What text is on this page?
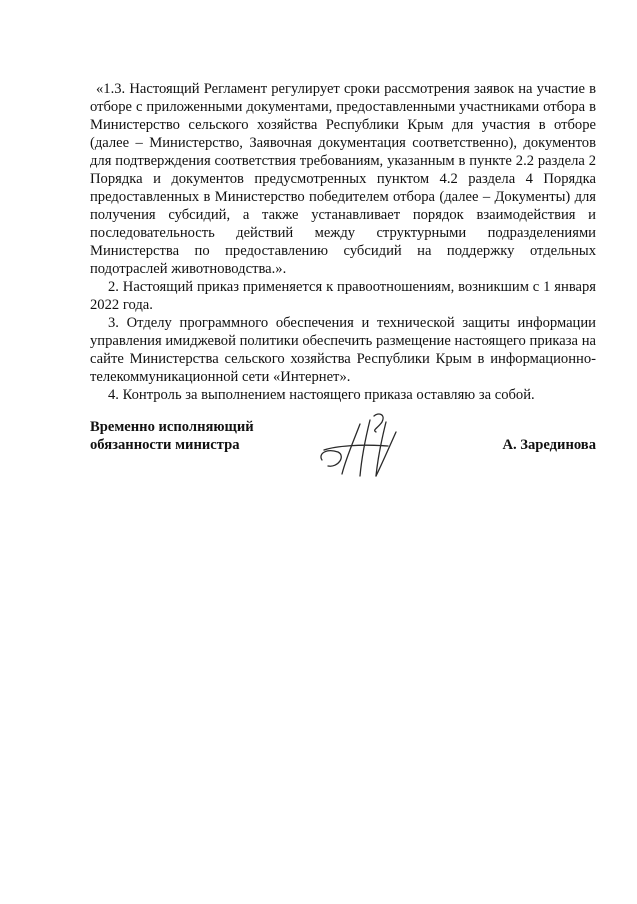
«1.3. Настоящий Регламент регулирует сроки рассмотрения заявок на участие в отборе с приложенными документами, предоставленными участниками отбора в Министерство сельского хозяйства Республики Крым для участия в отборе (далее – Министерство, Заявочная документация соответственно), документов для подтверждения соответствия требованиям, указанным в пункте 2.2 раздела 2 Порядка и документов предусмотренных пунктом 4.2 раздела 4 Порядка предоставленных в Министерство победителем отбора (далее – Документы) для получения субсидий, а также устанавливает порядок взаимодействия и последовательность действий между структурными подразделениями Министерства по предоставлению субсидий на поддержку отдельных подотраслей животноводства.».

2. Настоящий приказ применяется к правоотношениям, возникшим с 1 января 2022 года.

3. Отделу программного обеспечения и технической защиты информации управления имиджевой политики обеспечить размещение настоящего приказа на сайте Министерства сельского хозяйства Республики Крым в информационно-телекоммуникационной сети «Интернет».

4. Контроль за выполнением настоящего приказа оставляю за собой.

Временно исполняющий
обязанности министра	А. Зарединова
